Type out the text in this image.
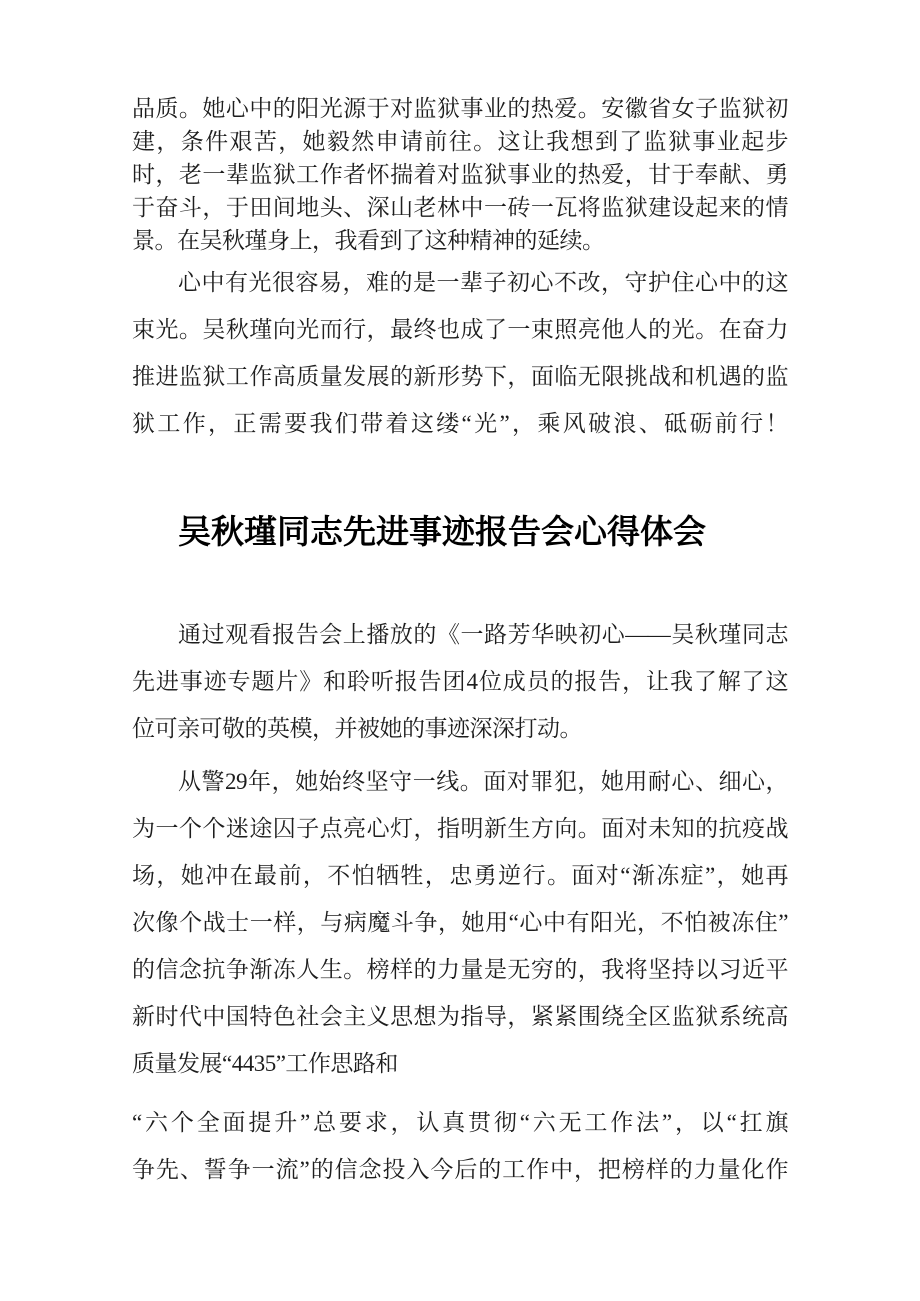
品质。她心中的阳光源于对监狱事业的热爱。安徽省女子监狱初
建，条件艰苦，她毅然申请前往。这让我想到了监狱事业起步
时，老一辈监狱工作者怀揣着对监狱事业的热爱，甘于奉献、勇
于奋斗，于田间地头、深山老林中一砖一瓦将监狱建设起来的情
景。在吴秋瑾身上，我看到了这种精神的延续。
心中有光很容易，难的是一辈子初心不改，守护住心中的这
束光。吴秋瑾向光而行，最终也成了一束照亮他人的光。在奋力
推进监狱工作高质量发展的新形势下，面临无限挑战和机遇的监
狱工作，正需要我们带着这缕“光”，乘风破浪、砥砺前行！
吴秋瑾同志先进事迹报告会心得体会
通过观看报告会上播放的《一路芳华映初心——吴秋瑾同志
先进事迹专题片》和聆听报告团4位成员的报告，让我了解了这
位可亲可敬的英模，并被她的事迹深深打动。
从警29年，她始终坚守一线。面对罪犯，她用耐心、细心，
为一个个迷途囚子点亮心灯，指明新生方向。面对未知的抗疫战
场，她冲在最前，不怕牺牲，忠勇逆行。面对“渐冻症”，她再
次像个战士一样，与病魔斗争，她用“心中有阳光，不怕被冻住”
的信念抗争渐冻人生。榜样的力量是无穷的，我将坚持以习近平
新时代中国特色社会主义思想为指导，紧紧围绕全区监狱系统高
质量发展“4435”工作思路和
“六个全面提升”总要求，认真贯彻“六无工作法”，以“扛旗
争先、誓争一流”的信念投入今后的工作中，把榜样的力量化作
